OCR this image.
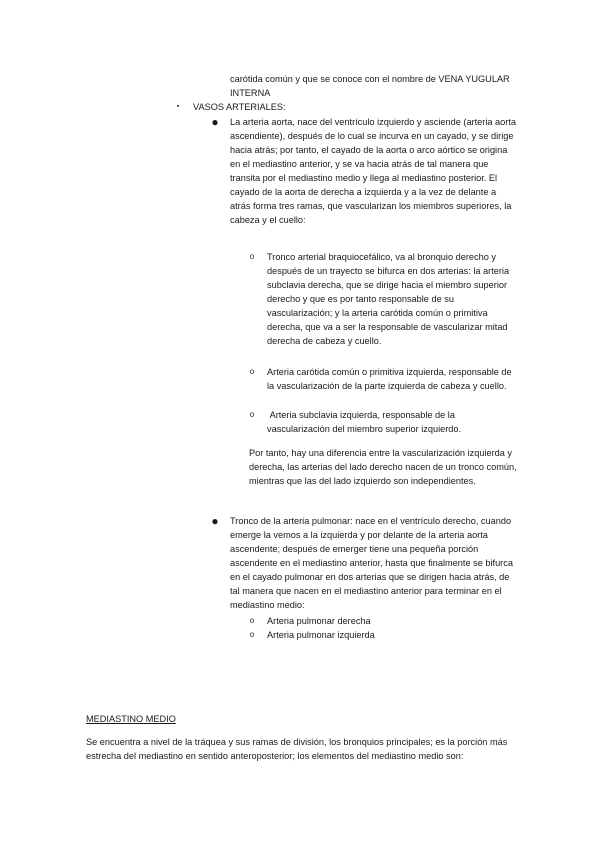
carótida común y que se conoce con el nombre de VENA YUGULAR INTERNA

▪	VASOS ARTERIALES:

● La arteria aorta, nace del ventrículo izquierdo y asciende (arteria aorta ascendiente), después de lo cual se incurva en un cayado, y se dirige hacia atrás; por tanto, el cayado de la aorta o arco aórtico se origina en el mediastino anterior, y se va hacia atrás de tal manera que transita por el mediastino medio y llega al mediastino posterior. El cayado de la aorta de derecha a izquierda y a la vez de delante a atrás forma tres ramas, que vascularizan los miembros superiores, la cabeza y el cuello:

o	Tronco arterial braquiocefálico, va al bronquio derecho y después de un trayecto se bifurca en dos arterias: la arteria subclavia derecha, que se dirige hacia el miembro superior derecho y que es por tanto responsable de su vascularización; y la arteria carótida común o primitiva derecha, que va a ser la responsable de vascularizar mitad derecha de cabeza y cuello.

o	Arteria carótida común o primitiva izquierda, responsable de la vascularización de la parte izquierda de cabeza y cuello.

o	Arteria subclavia izquierda, responsable de la vascularización del miembro superior izquierdo.

Por tanto, hay una diferencia entre la vascularización izquierda y derecha, las arterias del lado derecho nacen de un tronco común, mientras que las del lado izquierdo son independientes.

● Tronco de la arteria pulmonar: nace en el ventrículo derecho, cuando emerge la vemos a la izquierda y por delante de la arteria aorta ascendente; después de emerger tiene una pequeña porción ascendente en el mediastino anterior, hasta que finalmente se bifurca en el cayado pulmonar en dos arterias que se dirigen hacia atrás, de tal manera que nacen en el mediastino anterior para terminar en el mediastino medio:

o	Arteria pulmonar derecha

o	Arteria pulmonar izquierda

MEDIASTINO MEDIO

Se encuentra a nivel de la tráquea y sus ramas de división, los bronquios principales; es la porción más estrecha del mediastino en sentido anteroposterior; los elementos del mediastino medio son:
